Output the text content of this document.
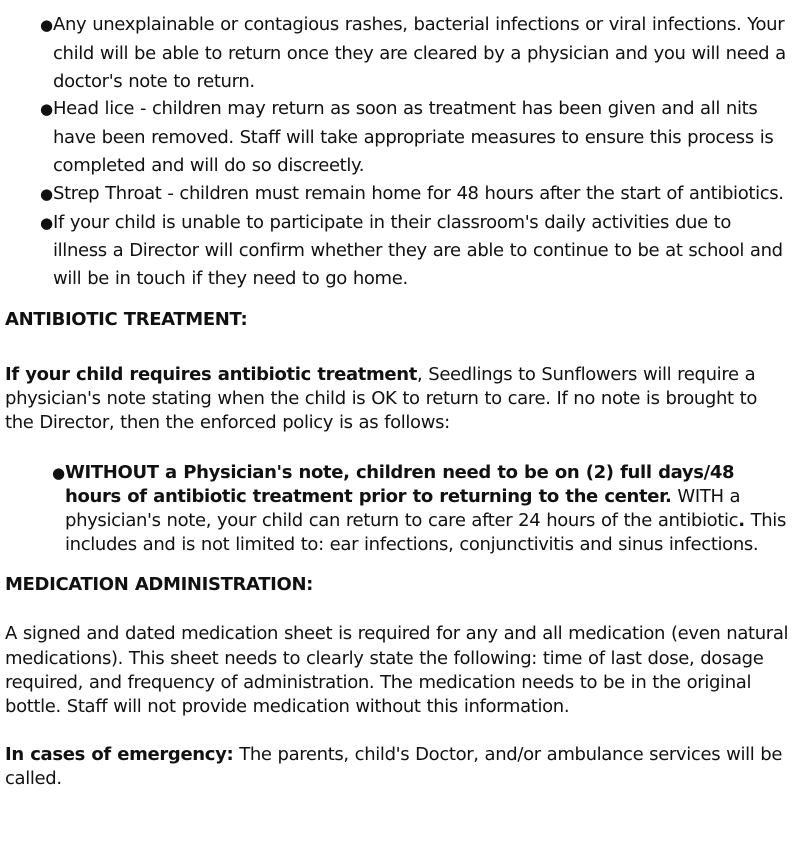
●Any unexplainable or contagious rashes, bacterial infections or viral infections. Your child will be able to return once they are cleared by a physician and you will need a doctor's note to return.
●Head lice - children may return as soon as treatment has been given and all nits have been removed. Staff will take appropriate measures to ensure this process is completed and will do so discreetly.
●Strep Throat - children must remain home for 48 hours after the start of antibiotics.
●If your child is unable to participate in their classroom's daily activities due to illness a Director will confirm whether they are able to continue to be at school and will be in touch if they need to go home.

ANTIBIOTIC TREATMENT:

If your child requires antibiotic treatment, Seedlings to Sunflowers will require a physician's note stating when the child is OK to return to care. If no note is brought to the Director, then the enforced policy is as follows:

●WITHOUT a Physician's note, children need to be on (2) full days/48 hours of antibiotic treatment prior to returning to the center. WITH a physician's note, your child can return to care after 24 hours of the antibiotic. This includes and is not limited to: ear infections, conjunctivitis and sinus infections.

MEDICATION ADMINISTRATION:

A signed and dated medication sheet is required for any and all medication (even natural medications). This sheet needs to clearly state the following: time of last dose, dosage required, and frequency of administration. The medication needs to be in the original bottle. Staff will not provide medication without this information.

In cases of emergency: The parents, child's Doctor, and/or ambulance services will be called.
